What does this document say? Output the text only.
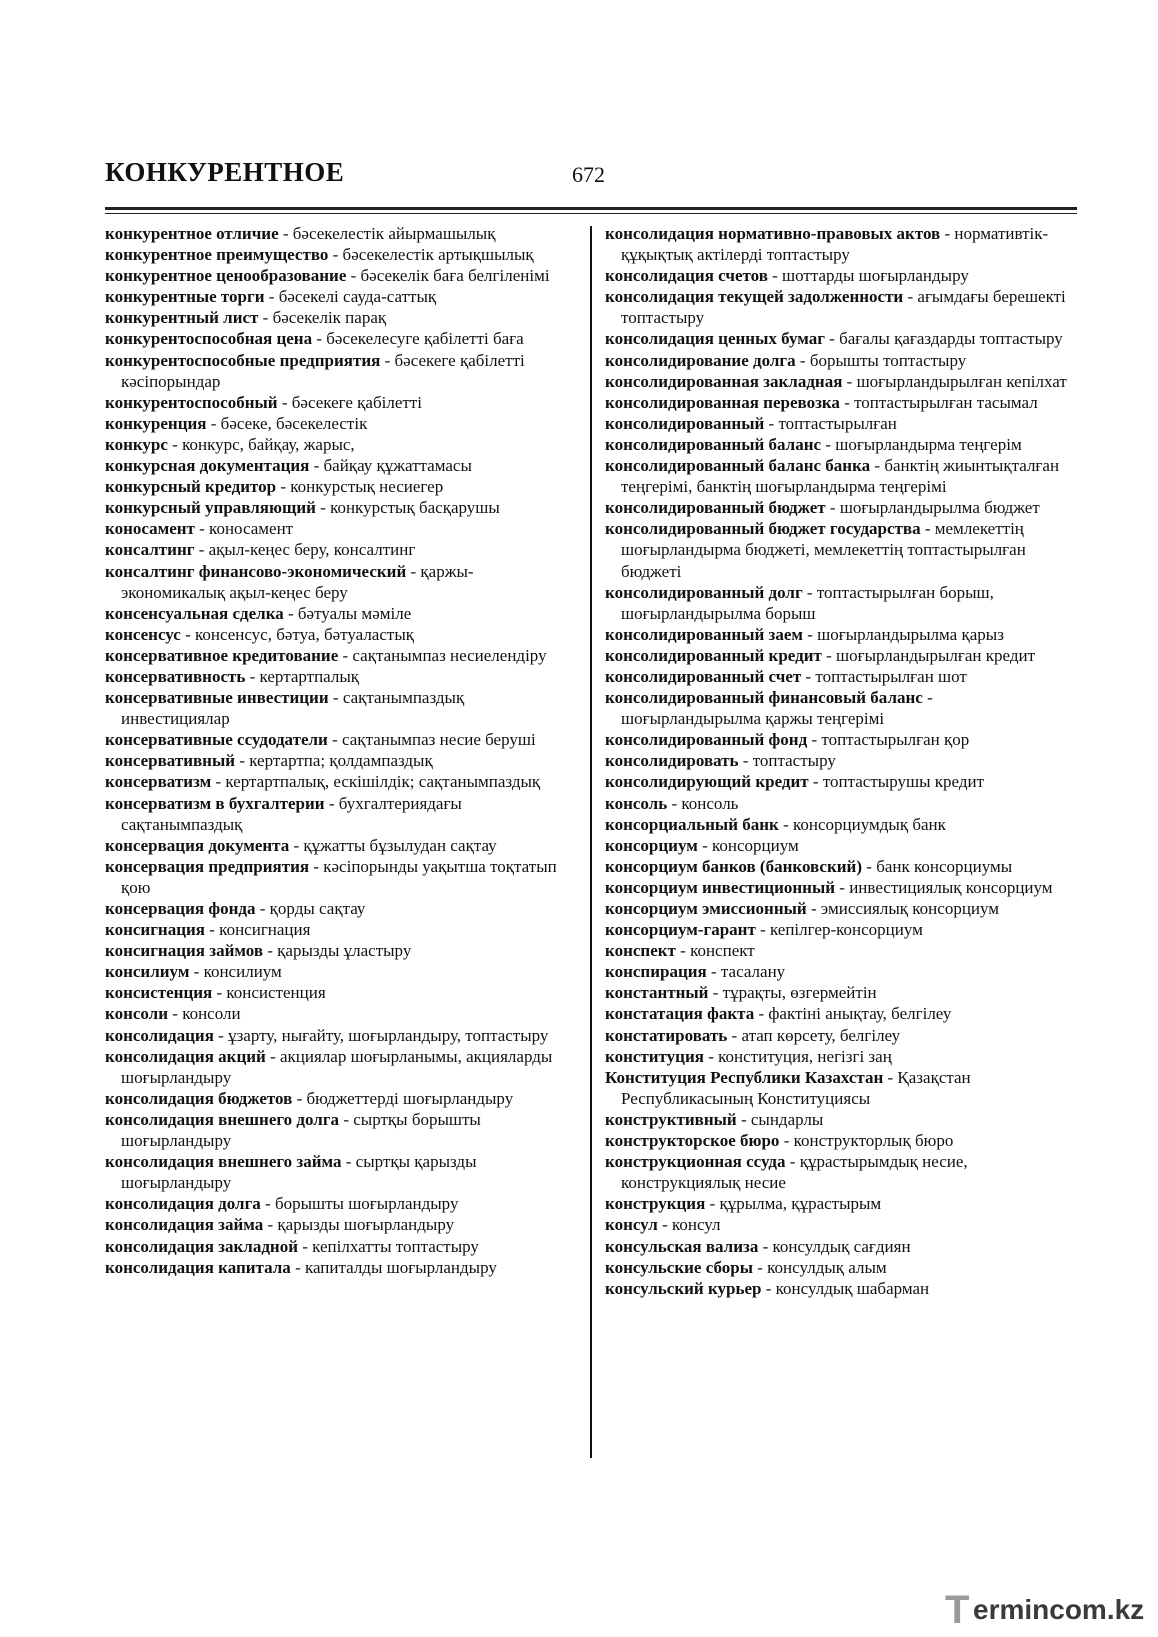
КОНКУРЕНТНОЕ	672

конкурентное отличие - бәсекелестік айырмашылық

конкурентное преимущество - бәсекелестік артықшылық

конкурентное ценообразование - бәсекелік баға белгіленімі

конкурентные торги - бәсекелі сауда-саттық

конкурентный лист - бәсекелік парақ

конкурентоспособная цена - бәсекелесуге қабілетті баға

конкурентоспособные предприятия - бәсекеге қабілетті кәсіпорындар

конкурентоспособный - бәсекеге қабілетті

конкуренция - бәсеке, бәсекелестік

конкурс - конкурс, байқау, жарыс,

конкурсная документация - байқау құжаттамасы

конкурсный кредитор - конкурстық несиегер

конкурсный управляющий - конкурстық басқарушы

коносамент - коносамент

консалтинг - ақыл-кеңес беру, консалтинг

консалтинг финансово-экономический - қаржы-экономикалық ақыл-кеңес беру

консенсуальная сделка - бәтуалы мәміле

консенсус - консенсус, бәтуа, бәтуаластық

консервативное кредитование - сақтанымпаз несиелендіру

консервативность - кертартпалық

консервативные инвестиции - сақтанымпаздық инвестициялар

консервативные ссудодатели - сақтанымпаз несие беруші

консервативный - кертартпа; қолдампаздық

консерватизм - кертартпалық, ескішілдік; сақтанымпаздық

консерватизм в бухгалтерии - бухгалтериядағы сақтанымпаздық

консервация документа - құжатты бұзылудан сақтау

консервация предприятия - кәсіпорынды уақытша тоқтатып қою

консервация фонда - қорды сақтау

консигнация - консигнация

консигнация займов - қарызды ұластыру

консилиум - консилиум

консистенция - консистенция

консоли - консоли

консолидация - ұзарту, нығайту, шоғырландыру, топтастыру

консолидация акций - акциялар шоғырланымы, акцияларды шоғырландыру

консолидация бюджетов - бюджеттерді шоғырландыру

консолидация внешнего долга - сыртқы борышты шоғырландыру

консолидация внешнего займа - сыртқы қарызды шоғырландыру

консолидация долга - борышты шоғырландыру

консолидация займа - қарызды шоғырландыру

консолидация закладной - кепілхатты топтастыру

консолидация капитала - капиталды шоғырландыру

консолидация нормативно-правовых актов - нормативтік-құқықтық актілерді топтастыру

консолидация счетов - шоттарды шоғырландыру

консолидация текущей задолженности - ағымдағы берешекті топтастыру

консолидация ценных бумаг - бағалы қағаздарды топтастыру

консолидирование долга - борышты топтастыру

консолидированная закладная - шоғырландырылған кепілхат

консолидированная перевозка - топтастырылған тасымал

консолидированный - топтастырылған

консолидированный баланс - шоғырландырма теңгерім

консолидированный баланс банка - банктің жиынтықталған теңгерімі, банктің шоғырландырма теңгерімі

консолидированный бюджет - шоғырландырылма бюджет

консолидированный бюджет государства - мемлекеттің шоғырландырма бюджеті, мемлекеттің топтастырылған бюджеті

консолидированный долг - топтастырылған борыш, шоғырландырылма борыш

консолидированный заем - шоғырландырылма қарыз

консолидированный кредит - шоғырландырылған кредит

консолидированный счет - топтастырылған шот

консолидированный финансовый баланс - шоғырландырылма қаржы теңгерімі

консолидированный фонд - топтастырылған қор

консолидировать - топтастыру

консолидирующий кредит - топтастырушы кредит

консоль - консоль

консорциальный банк - консорциумдық банк

консорциум - консорциум

консорциум банков (банковский) - банк консорциумы

консорциум инвестиционный - инвестициялық консорциум

консорциум эмиссионный - эмиссиялық консорциум

консорциум-гарант - кепілгер-консорциум

конспект - конспект

конспирация - тасалану

константный - тұрақты, өзгермейтін

констатация факта - фактіні анықтау, белгілеу

констатировать - атап көрсету, белгілеу

конституция - конституция, негізгі заң

Конституция Республики Казахстан - Қазақстан Республикасының Конституциясы

конструктивный - сындарлы

конструкторское бюро - конструкторлық бюро

конструкционная ссуда - құрастырымдық несие, конструкциялық несие

конструкция - құрылма, құрастырым

консул - консул

консульская вализа - консулдық сағдиян

консульские сборы - консулдық алым

консульский курьер - консулдық шабарман

T ermincom.kz
